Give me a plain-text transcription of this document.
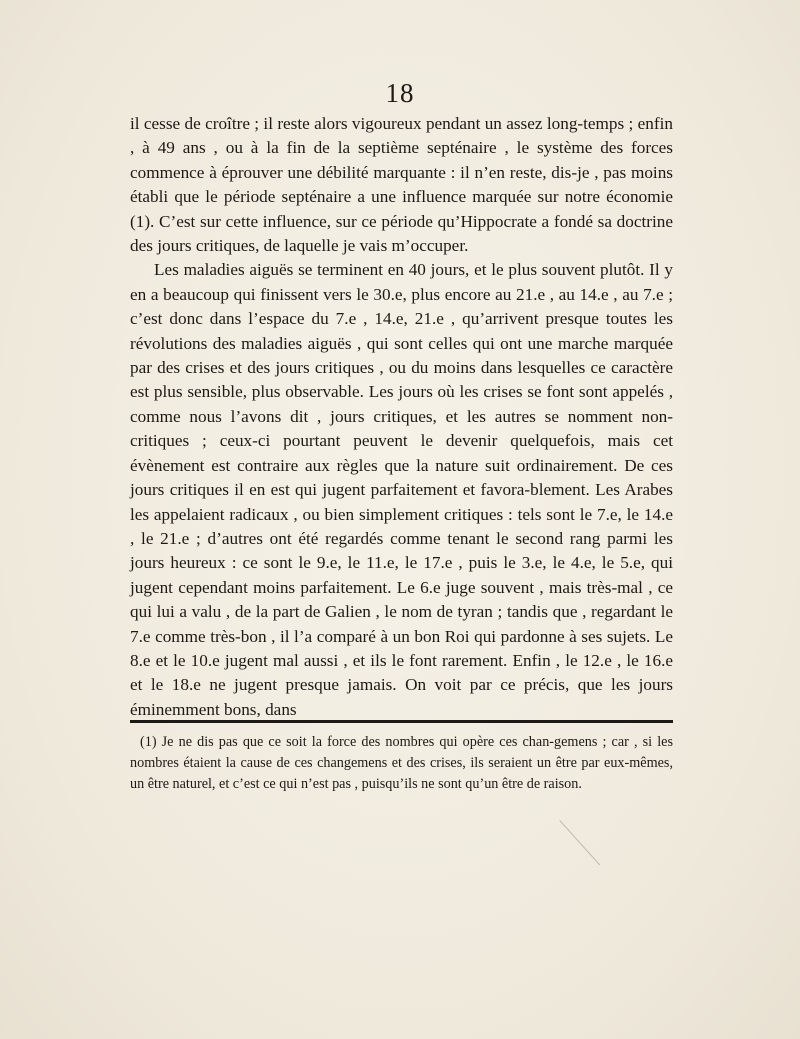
18

il cesse de croître ; il reste alors vigoureux pendant un assez long-temps ; enfin , à 49 ans , ou à la fin de la septième septénaire , le système des forces commence à éprouver une débilité marquante : il n’en reste, dis-je , pas moins établi que le période septénaire a une influence marquée sur notre économie (1). C’est sur cette influence, sur ce période qu’Hippocrate a fondé sa doctrine des jours critiques, de laquelle je vais m’occuper.

Les maladies aiguës se terminent en 40 jours, et le plus souvent plutôt. Il y en a beaucoup qui finissent vers le 30.e, plus encore au 21.e , au 14.e , au 7.e ; c’est donc dans l’espace du 7.e , 14.e, 21.e , qu’arrivent presque toutes les révolutions des maladies aiguës , qui sont celles qui ont une marche marquée par des crises et des jours critiques , ou du moins dans lesquelles ce caractère est plus sensible, plus observable. Les jours où les crises se font sont appelés , comme nous l’avons dit , jours critiques, et les autres se nomment non-critiques ; ceux-ci pourtant peuvent le devenir quelquefois, mais cet évènement est contraire aux règles que la nature suit ordinairement. De ces jours critiques il en est qui jugent parfaitement et favora-blement. Les Arabes les appelaient radicaux , ou bien simplement critiques : tels sont le 7.e, le 14.e , le 21.e ; d’autres ont été regardés comme tenant le second rang parmi les jours heureux : ce sont le 9.e, le 11.e, le 17.e , puis le 3.e, le 4.e, le 5.e, qui jugent cependant moins parfaitement. Le 6.e juge souvent , mais très-mal , ce qui lui a valu , de la part de Galien , le nom de tyran ; tandis que , regardant le 7.e comme très-bon , il l’a comparé à un bon Roi qui pardonne à ses sujets. Le 8.e et le 10.e jugent mal aussi , et ils le font rarement. Enfin , le 12.e , le 16.e et le 18.e ne jugent presque jamais. On voit par ce précis, que les jours éminemment bons, dans

(1) Je ne dis pas que ce soit la force des nombres qui opère ces chan-gemens ; car , si les nombres étaient la cause de ces changemens et des crises, ils seraient un être par eux-mêmes, un être naturel, et c’est ce qui n’est pas , puisqu’ils ne sont qu’un être de raison.
